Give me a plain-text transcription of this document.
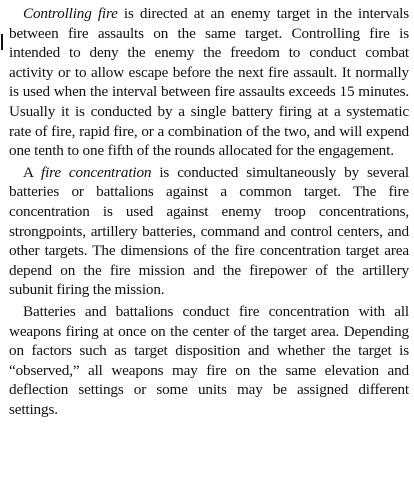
Controlling fire is directed at an enemy target in the intervals between fire assaults on the same target. Controlling fire is intended to deny the enemy the freedom to conduct combat activity or to allow escape before the next fire assault. It normally is used when the interval between fire assaults exceeds 15 minutes. Usually it is conducted by a single battery firing at a systematic rate of fire, rapid fire, or a combination of the two, and will expend one tenth to one fifth of the rounds allocated for the engagement.

A fire concentration is conducted simultaneously by several batteries or battalions against a common target. The fire concentration is used against enemy troop concentrations, strongpoints, artillery batteries, command and control centers, and other targets. The dimensions of the fire concentration target area depend on the fire mission and the firepower of the artillery subunit firing the mission.

Batteries and battalions conduct fire concentration with all weapons firing at once on the center of the target area. Depending on factors such as target disposition and whether the target is “observed,” all weapons may fire on the same elevation and deflection settings or some units may be assigned different settings.
